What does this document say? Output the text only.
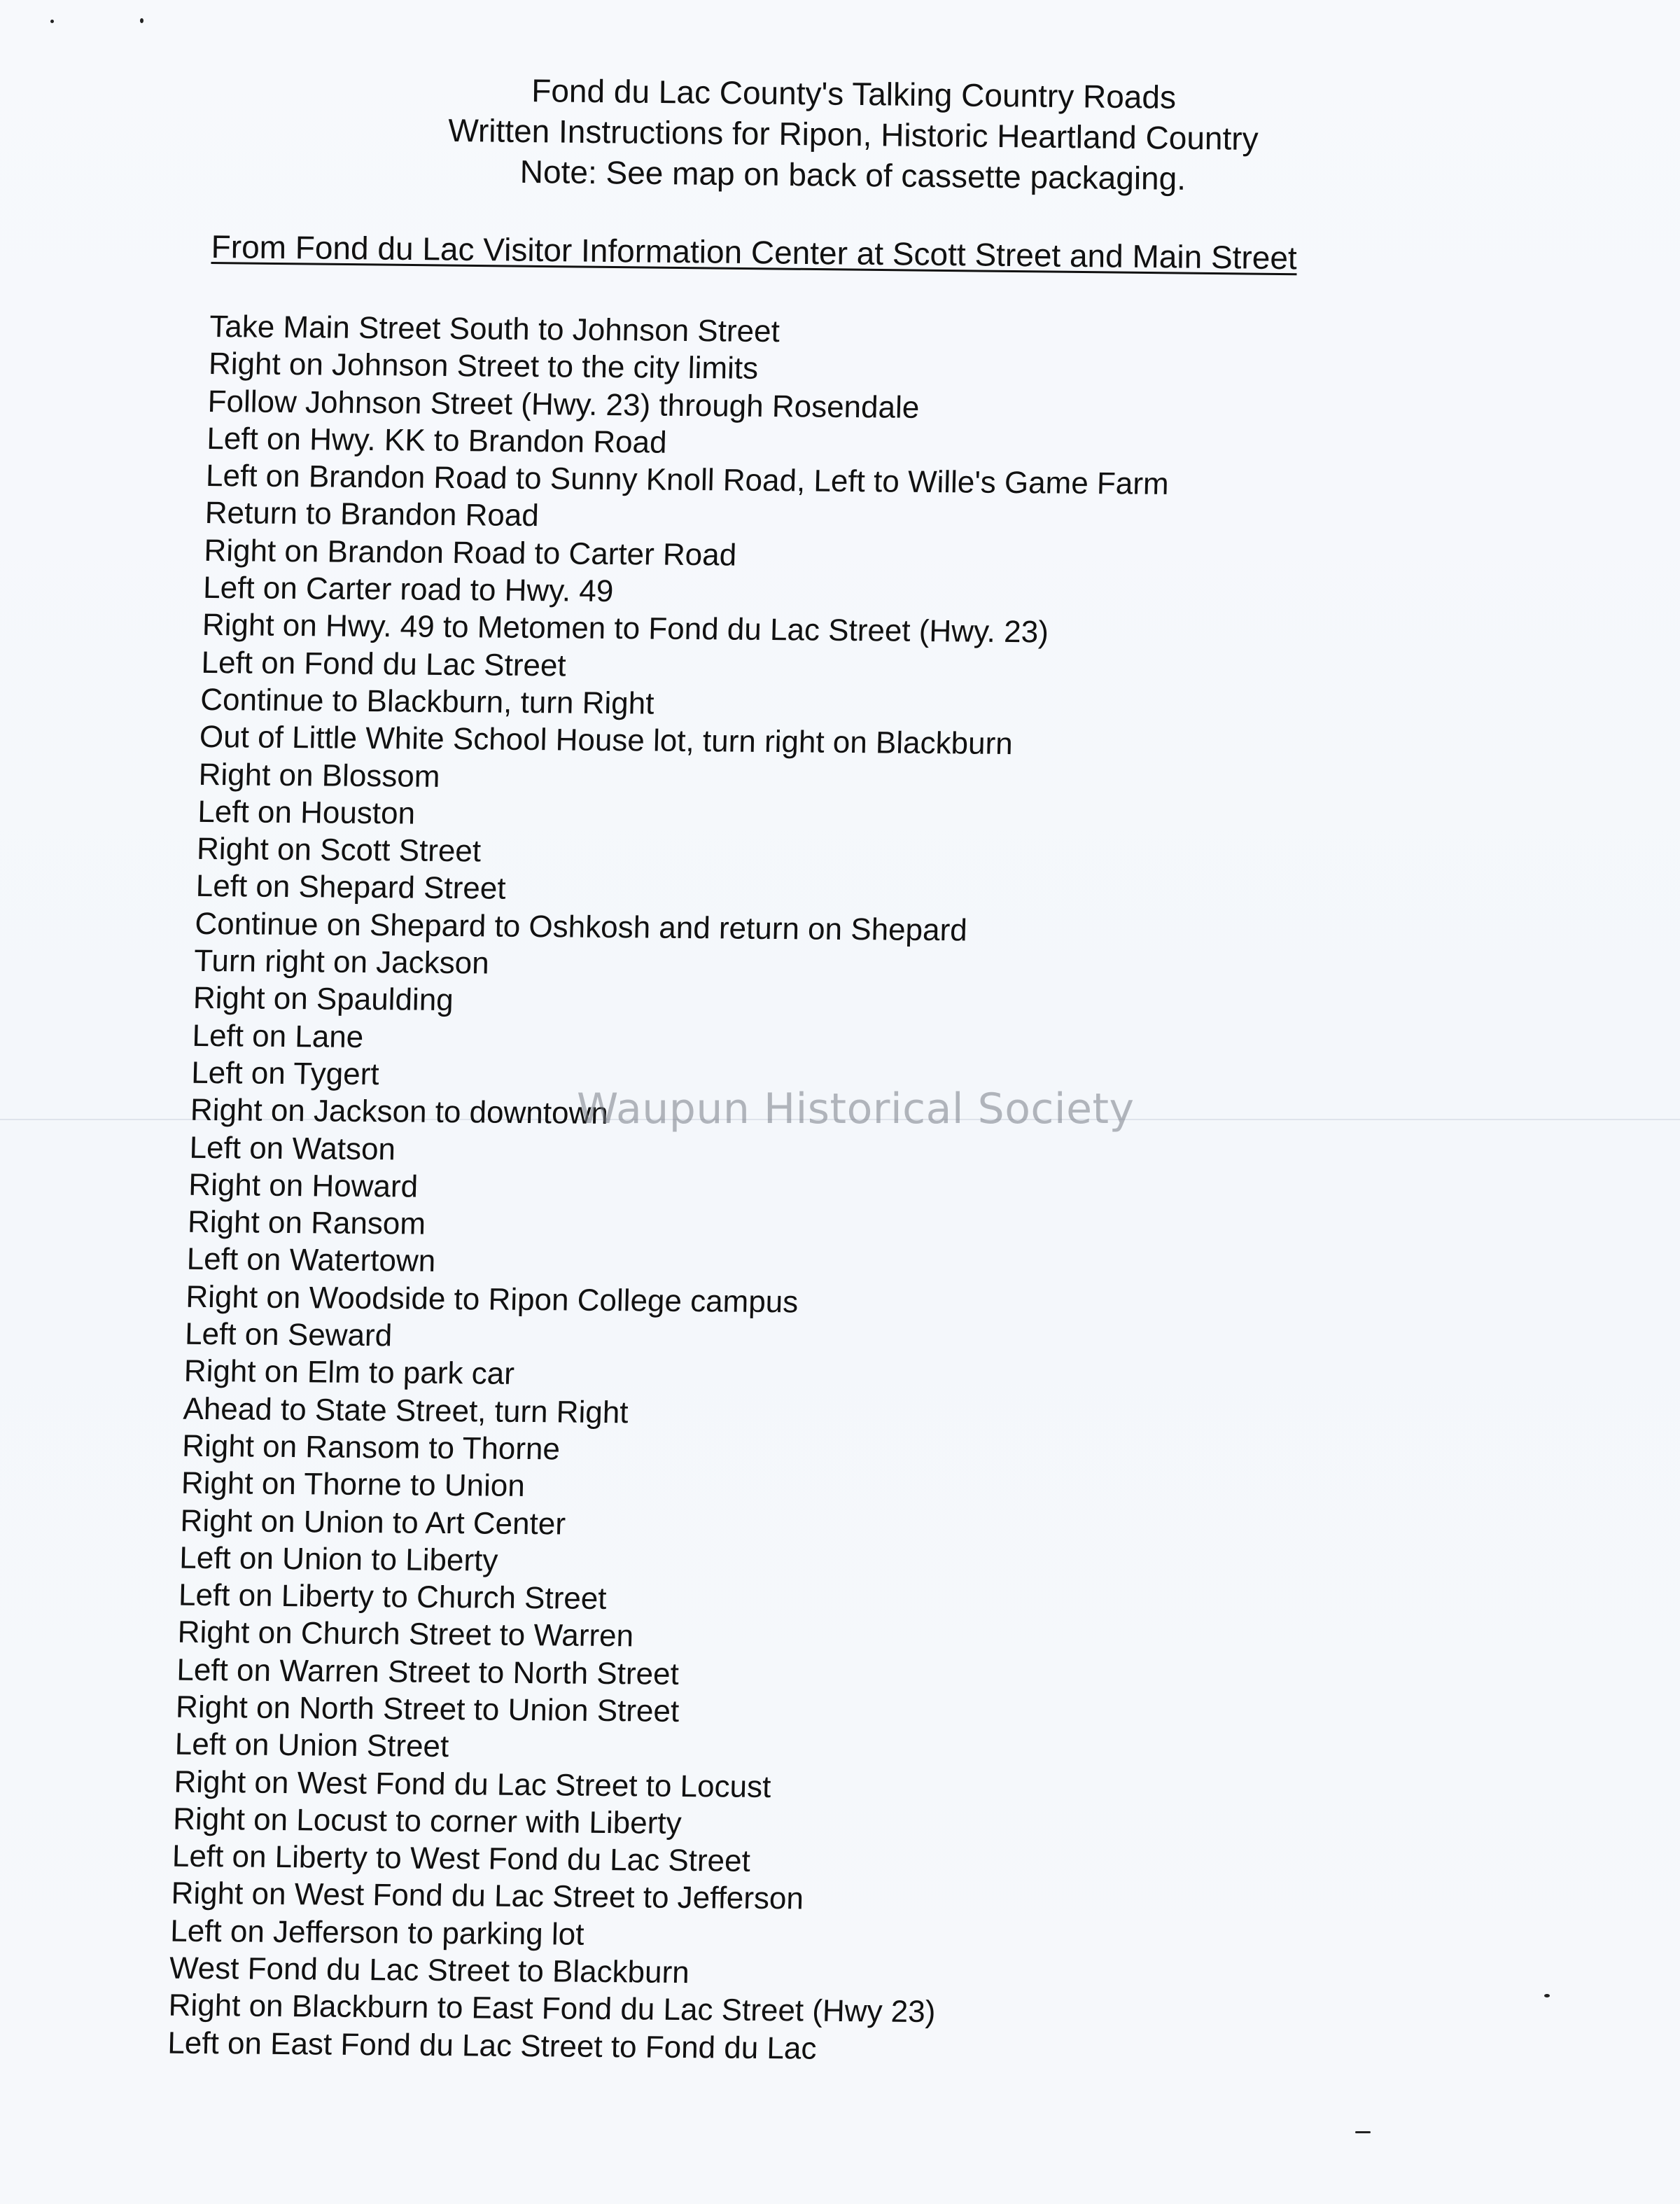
Fond du Lac County's Talking Country Roads
Written Instructions for Ripon, Historic Heartland Country
Note: See map on back of cassette packaging.
From Fond du Lac Visitor Information Center at Scott Street and Main Street
Take Main Street South to Johnson Street
Right on Johnson Street to the city limits
Follow Johnson Street (Hwy. 23) through Rosendale
Left on Hwy. KK to Brandon Road
Left on Brandon Road to Sunny Knoll Road, Left to Wille's Game Farm
Return to Brandon Road
Right on Brandon Road to Carter Road
Left on Carter road to Hwy. 49
Right on Hwy. 49 to Metomen to Fond du Lac Street (Hwy. 23)
Left on Fond du Lac Street
Continue to Blackburn, turn Right
Out of Little White School House lot, turn right on Blackburn
Right on Blossom
Left on Houston
Right on Scott Street
Left on Shepard Street
Continue on Shepard to Oshkosh and return on Shepard
Turn right on Jackson
Right on Spaulding
Left on Lane
Left on Tygert
Right on Jackson to downtown
Left on Watson
Right on Howard
Right on Ransom
Left on Watertown
Right on Woodside to Ripon College campus
Left on Seward
Right on Elm to park car
Ahead to State Street, turn Right
Right on Ransom to Thorne
Right on Thorne to Union
Right on Union to Art Center
Left on Union to Liberty
Left on Liberty to Church Street
Right on Church Street to Warren
Left on Warren Street to North Street
Right on North Street to Union Street
Left on Union Street
Right on West Fond du Lac Street to Locust
Right on Locust to corner with Liberty
Left on Liberty to West Fond du Lac Street
Right on West Fond du Lac Street to Jefferson
Left on Jefferson to parking lot
West Fond du Lac Street to Blackburn
Right on Blackburn to East Fond du Lac Street (Hwy 23)
Left on East Fond du Lac Street to Fond du Lac
Waupun Historical Society
